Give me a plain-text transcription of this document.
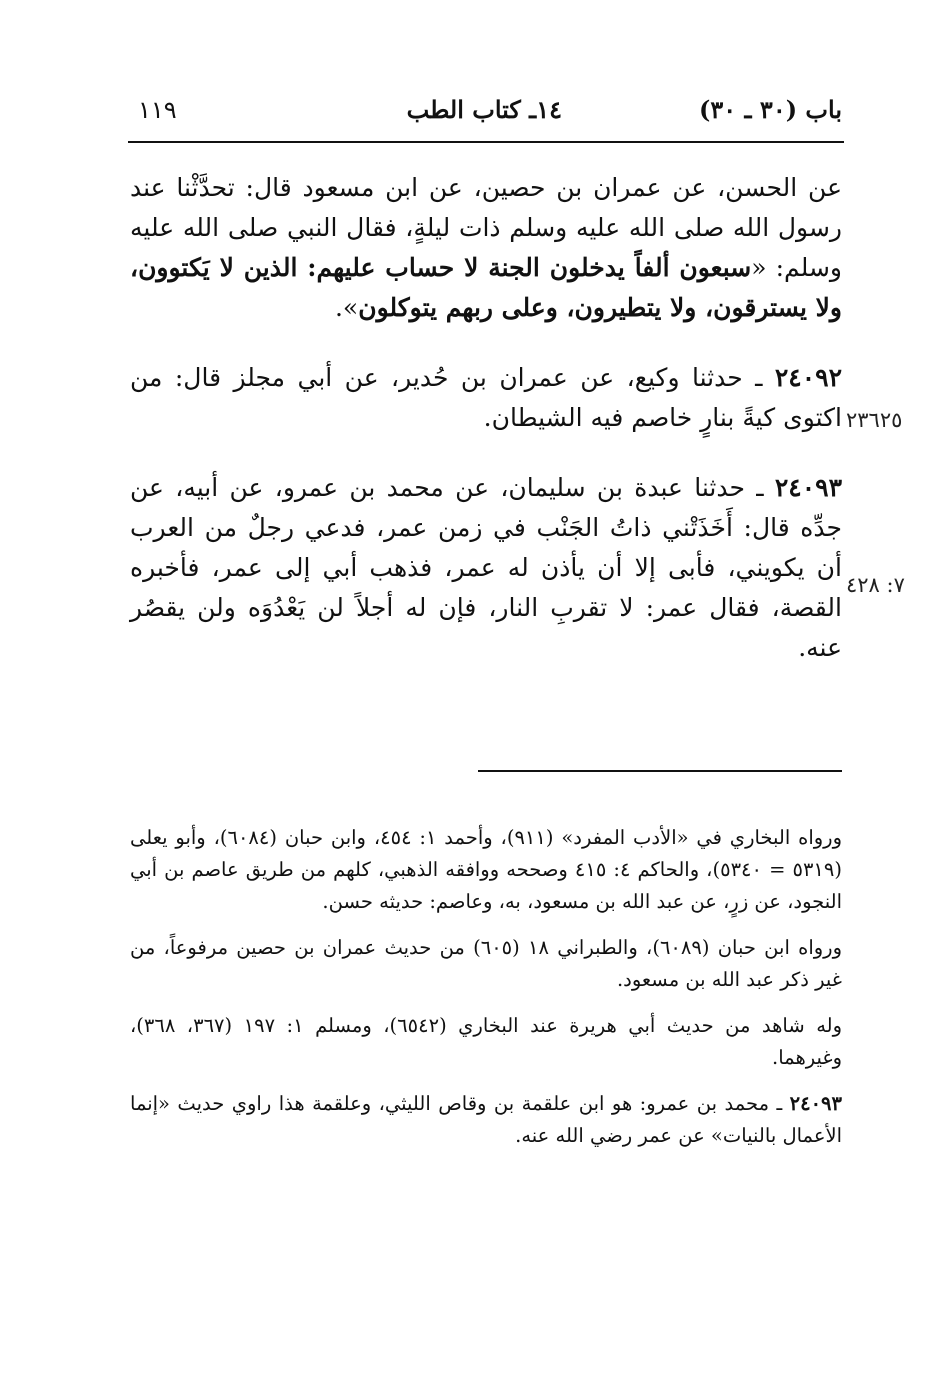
باب (٣٠ ـ ٣٠)
١٤ـ كتاب الطب
١١٩

عن الحسن، عن عمران بن حصين، عن ابن مسعود قال: تحدَّثْنا عند رسول الله صلى الله عليه وسلم ذات ليلةٍ، فقال النبي صلى الله عليه وسلم: «سبعون ألفاً يدخلون الجنة لا حساب عليهم: الذين لا يَكتوون، ولا يسترقون، ولا يتطيرون، وعلى ربهم يتوكلون».

٢٤٠٩٢ ـ حدثنا وكيع، عن عمران بن حُدير، عن أبي مجلز قال: من اكتوى كيةً بنارٍ خاصم فيه الشيطان.

٢٤٠٩٣ ـ حدثنا عبدة بن سليمان، عن محمد بن عمرو، عن أبيه، عن جدِّه قال: أَخَذَتْني ذاتُ الجَنْب في زمن عمر، فدعي رجلٌ من العرب أن يكويني، فأبى إلا أن يأذن له عمر، فذهب أبي إلى عمر، فأخبره القصة، فقال عمر: لا تقربِ النار، فإن له أجلاً لن يَعْدُوَه ولن يقصُر عنه.

٢٣٦٢٥
٧: ٤٢٨

ورواه البخاري في «الأدب المفرد» (٩١١)، وأحمد ١: ٤٥٤، وابن حبان (٦٠٨٤)، وأبو يعلى (٥٣١٩ = ٥٣٤٠)، والحاكم ٤: ٤١٥ وصححه ووافقه الذهبي، كلهم من طريق عاصم بن أبي النجود، عن زرٍ، عن عبد الله بن مسعود، به، وعاصم: حديثه حسن.

ورواه ابن حبان (٦٠٨٩)، والطبراني ١٨ (٦٠٥) من حديث عمران بن حصين مرفوعاً، من غير ذكر عبد الله بن مسعود.

وله شاهد من حديث أبي هريرة عند البخاري (٦٥٤٢)، ومسلم ١: ١٩٧ (٣٦٧، ٣٦٨)، وغيرهما.

٢٤٠٩٣ ـ محمد بن عمرو: هو ابن علقمة بن وقاص الليثي، وعلقمة هذا راوي حديث «إنما الأعمال بالنيات» عن عمر رضي الله عنه.
